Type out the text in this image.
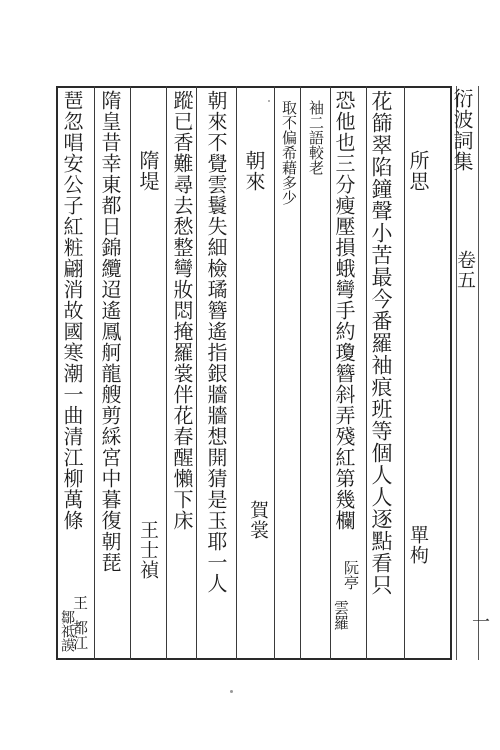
衍波詞集
卷五
一
所思
單枸
花篩翠陷鐘聲小苦最今番羅袖痕班等個人人逐點看只
恐他也三分瘦壓損蛾彎手約瓊簪斜弄殘紅第幾欄
阮亭
袖二語較老
雲羅
取不偏希藉多少
朝來
賀裳
朝來不覺雲鬟失細檢璚簪遙指銀牆牆想開猜是玉耶一人
蹤已香難尋去愁整彎妝悶掩羅裳伴花春醒懶下床
隋堤
王士禎
隋皇昔幸東都日錦纜迢遙鳳舸龍艘剪綵宮中暮復朝琵
琶忽唱安公子紅粧翩消故國寒潮一曲清江柳萬條
王
都江
鄒祗謨
